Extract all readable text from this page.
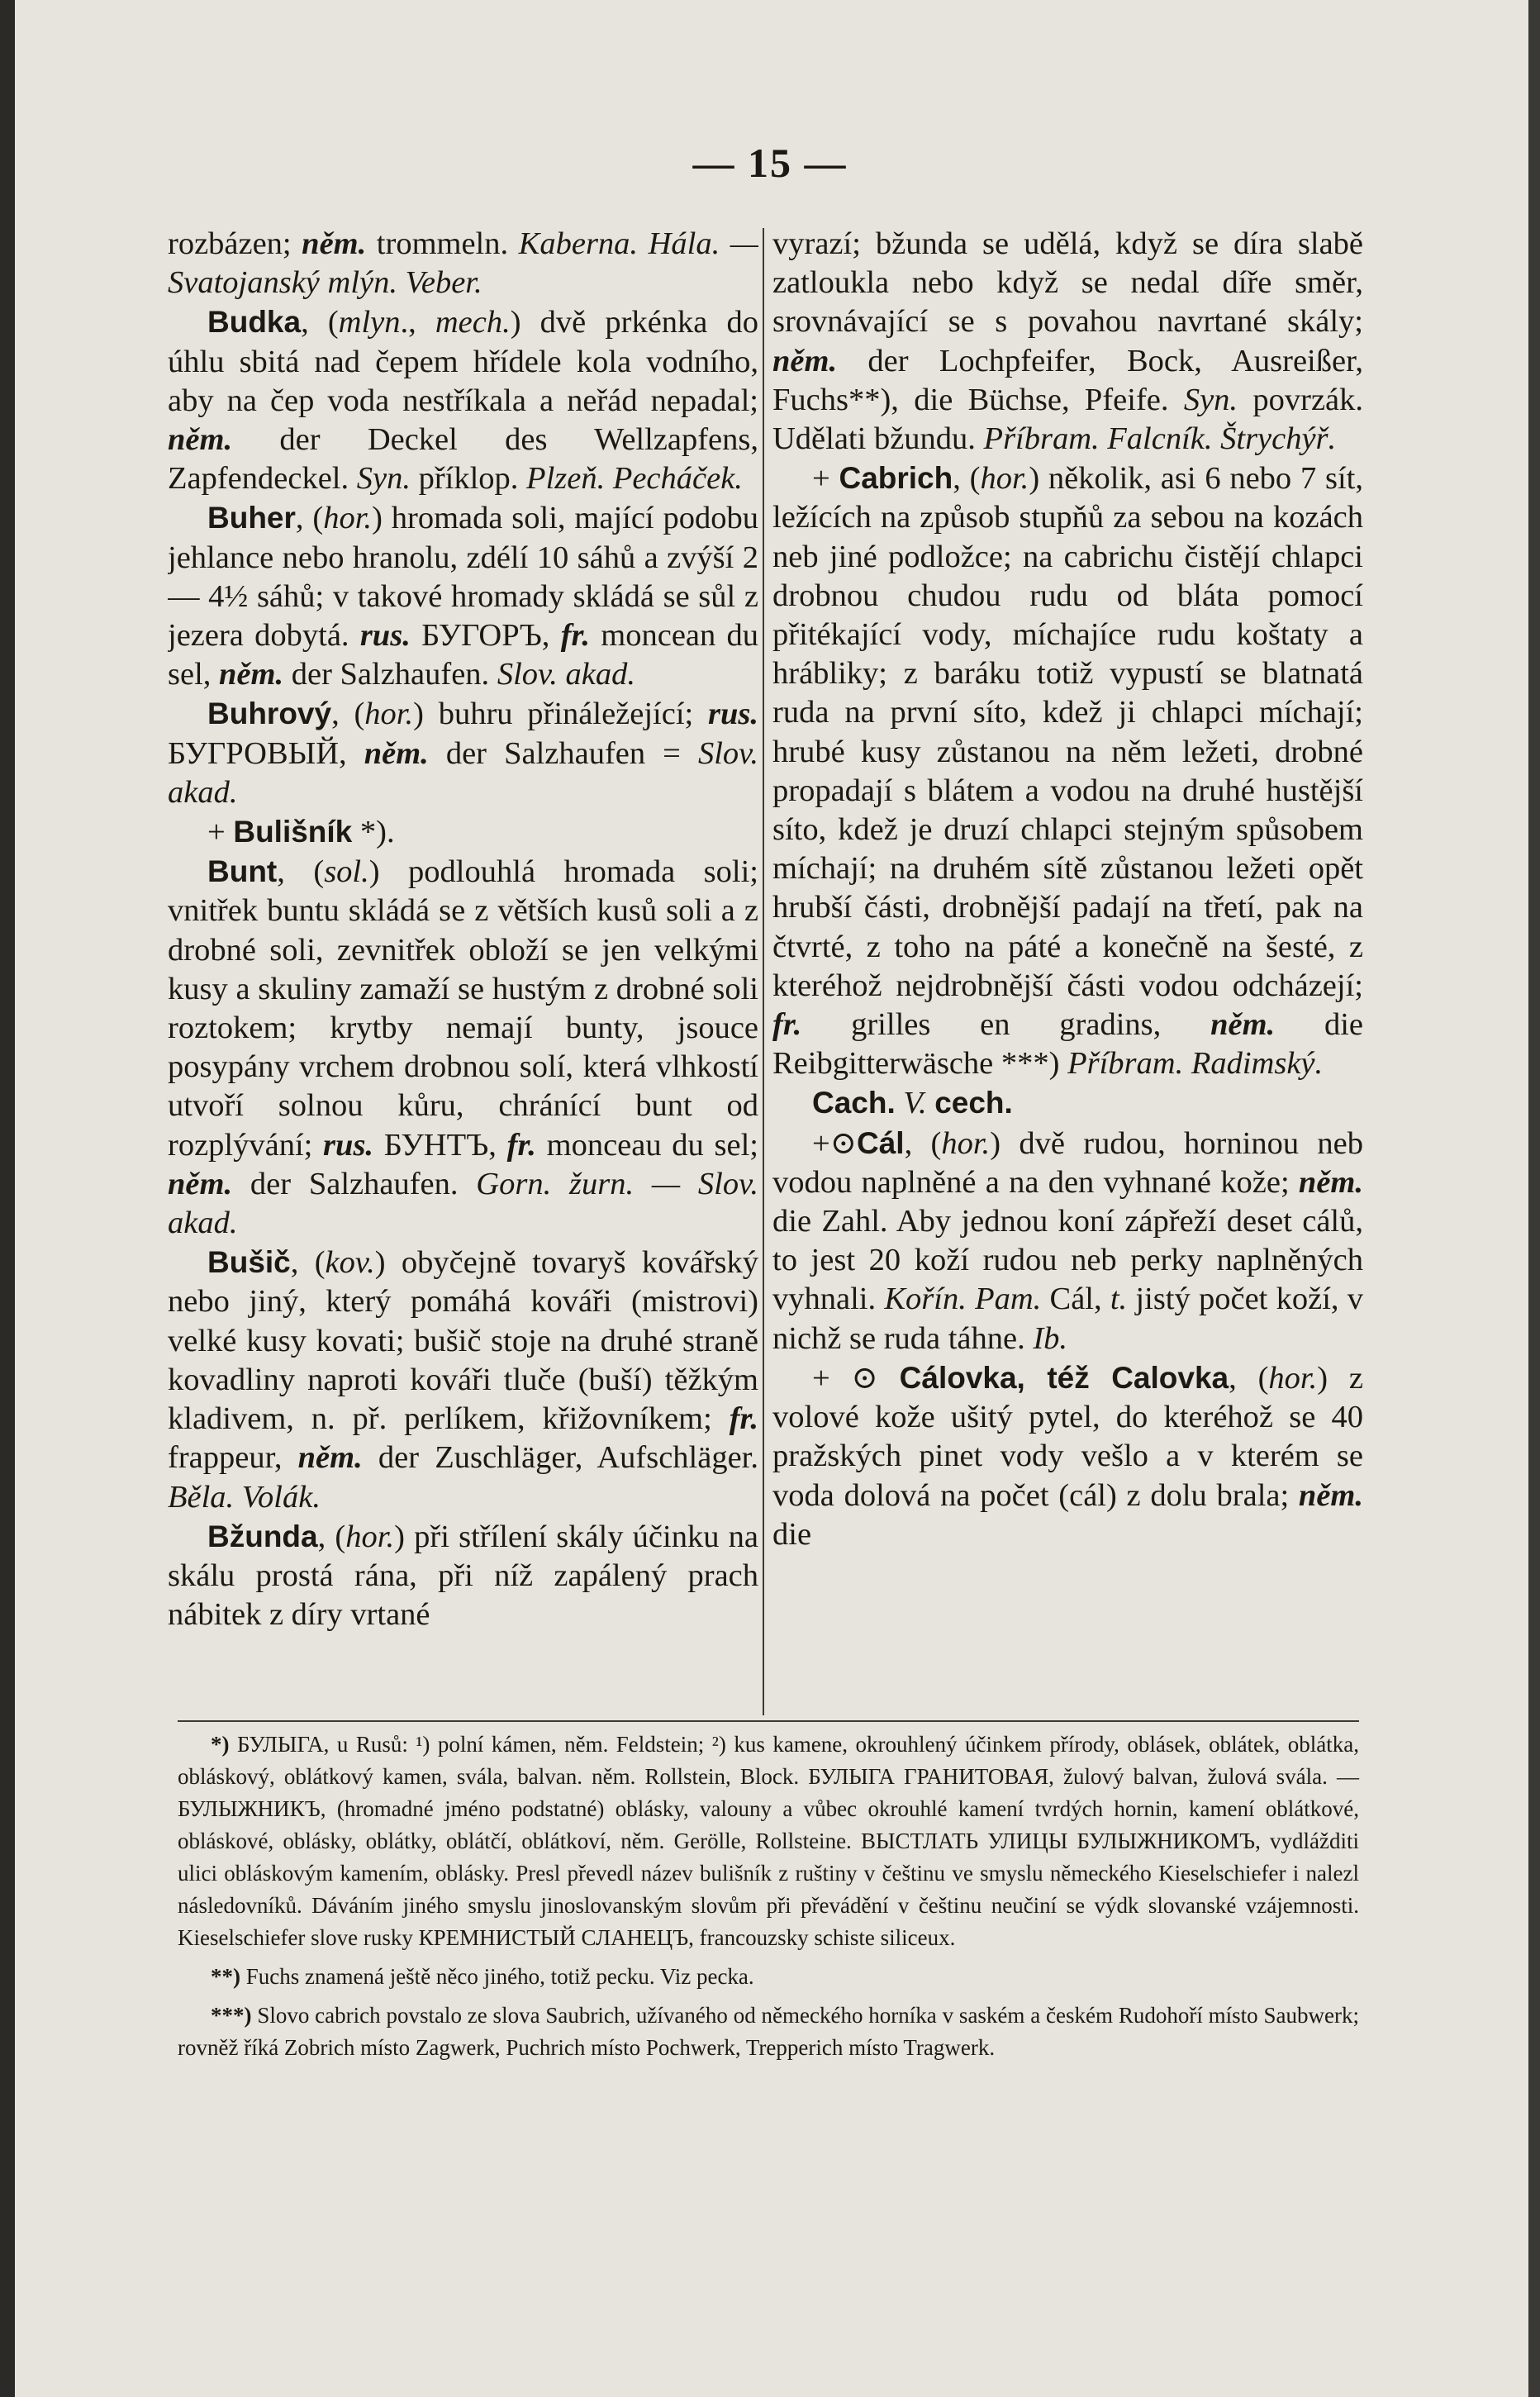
— 15 —

rozbázen; něm. trommeln. Kaberna. Hála. — Svatojanský mlýn. Veber.

Budka, (mlyn., mech.) dvě prkénka do úhlu sbitá nad čepem hřídele kola vodního, aby na čep voda nestříkala a neřád nepadal; něm. der Deckel des Wellzapfens, Zapfendeckel. Syn. příklop. Plzeň. Pecháček.

Buher, (hor.) hromada soli, mající podobu jehlance nebo hranolu, zdélí 10 sáhů a zvýší 2 — 4½ sáhů; v takové hromady skládá se sůl z jezera dobytá. rus. БУГОРЪ, fr. moncean du sel, něm. der Salzhaufen. Slov. akad.

Buhrový, (hor.) buhru přináležející; rus. БУГРОВЫЙ, něm. der Salzhaufen = Slov. akad.

+ Bulišník *).

Bunt, (sol.) podlouhlá hromada soli; vnitřek buntu skládá se z větších kusů soli a z drobné soli, zevnitřek obloží se jen velkými kusy a skuliny zamaží se hustým z drobné soli roztokem; krytby nemají bunty, jsouce posypány vrchem drobnou solí, která vlhkostí utvoří solnou kůru, chránící bunt od rozplývání; rus. БУНТЪ, fr. monceau du sel; něm. der Salzhaufen. Gorn. žurn. — Slov. akad.

Bušič, (kov.) obyčejně tovaryš kovářský nebo jiný, který pomáhá kováři (mistrovi) velké kusy kovati; bušič stoje na druhé straně kovadliny naproti kováři tluče (buší) těžkým kladivem, n. př. perlíkem, křižovníkem; fr. frappeur, něm. der Zuschläger, Aufschläger. Běla. Volák.

Bžunda, (hor.) při střílení skály účinku na skálu prostá rána, při níž zapálený prach nábitek z díry vrtané

vyrazí; bžunda se udělá, když se díra slabě zatloukla nebo když se nedal díře směr, srovnávající se s povahou navrtané skály; něm. der Lochpfeifer, Bock, Ausreißer, Fuchs**), die Büchse, Pfeife. Syn. povrzák. Udělati bžundu. Příbram. Falcník. Štrychýř.

+ Cabrich, (hor.) několik, asi 6 nebo 7 sít, ležících na způsob stupňů za sebou na kozách neb jiné podložce; na cabrichu čistějí chlapci drobnou chudou rudu od bláta pomocí přitékající vody, míchajíce rudu koštaty a hrábliky; z baráku totiž vypustí se blatnatá ruda na první síto, kdež ji chlapci míchají; hrubé kusy zůstanou na něm ležeti, drobné propadají s blátem a vodou na druhé hustější síto, kdež je druzí chlapci stejným spůsobem míchají; na druhém sítě zůstanou ležeti opět hrubší části, drobnější padají na třetí, pak na čtvrté, z toho na páté a konečně na šesté, z kteréhož nejdrobnější části vodou odcházejí; fr. grilles en gradins, něm. die Reibgitterwäsche ***) Příbram. Radimský.

Cach. V. cech.

+⊙Cál, (hor.) dvě rudou, horninou neb vodou naplněné a na den vyhnané kože; něm. die Zahl. Aby jednou koní zápřeží deset cálů, to jest 20 koží rudou neb perky naplněných vyhnali. Kořín. Pam. Cál, t. jistý počet koží, v nichž se ruda táhne. Ib.

+ ⊙ Cálovka, též Calovka, (hor.) z volové kože ušitý pytel, do kteréhož se 40 pražských pinet vody vešlo a v kterém se voda dolová na počet (cál) z dolu brala; něm. die

*) БУЛЫГА, u Rusů: ¹) polní kámen, něm. Feldstein; ²) kus kamene, okrouhlený účinkem přírody, oblásek, oblátek, oblátka, obláskový, oblátkový kamen, svála, balvan. něm. Rollstein, Block. БУЛЫГА ГРАНИТОВАЯ, žulový balvan, žulová svála. — БУЛЫЖНИКЪ, (hromadné jméno podstatné) oblásky, valouny a vůbec okrouhlé kamení tvrdých hornin, kamení oblátkové, obláskové, oblásky, oblátky, oblátčí, oblátkoví, něm. Gerölle, Rollsteine. ВЫСТЛАТЬ УЛИЦЫ БУЛЫЖНИКОМЪ, vydlážditi ulici obláskovým kamením, oblásky. Presl převedl název bulišník z ruštiny v češtinu ve smyslu německého Kieselschiefer i nalezl následovníků. Dáváním jiného smyslu jinoslovanským slovům při převádění v češtinu neučiní se výdk slovanské vzájemnosti. Kieselschiefer slove rusky КРЕМНИСТЫЙ СЛАНЕЦЪ, francouzsky schiste siliceux.

**) Fuchs znamená ještě něco jiného, totiž pecku. Viz pecka.

***) Slovo cabrich povstalo ze slova Saubrich, užívaného od německého horníka v saském a českém Rudohoří místo Saubwerk; rovněž říká Zobrich místo Zagwerk, Puchrich místo Pochwerk, Trepperich místo Tragwerk.
